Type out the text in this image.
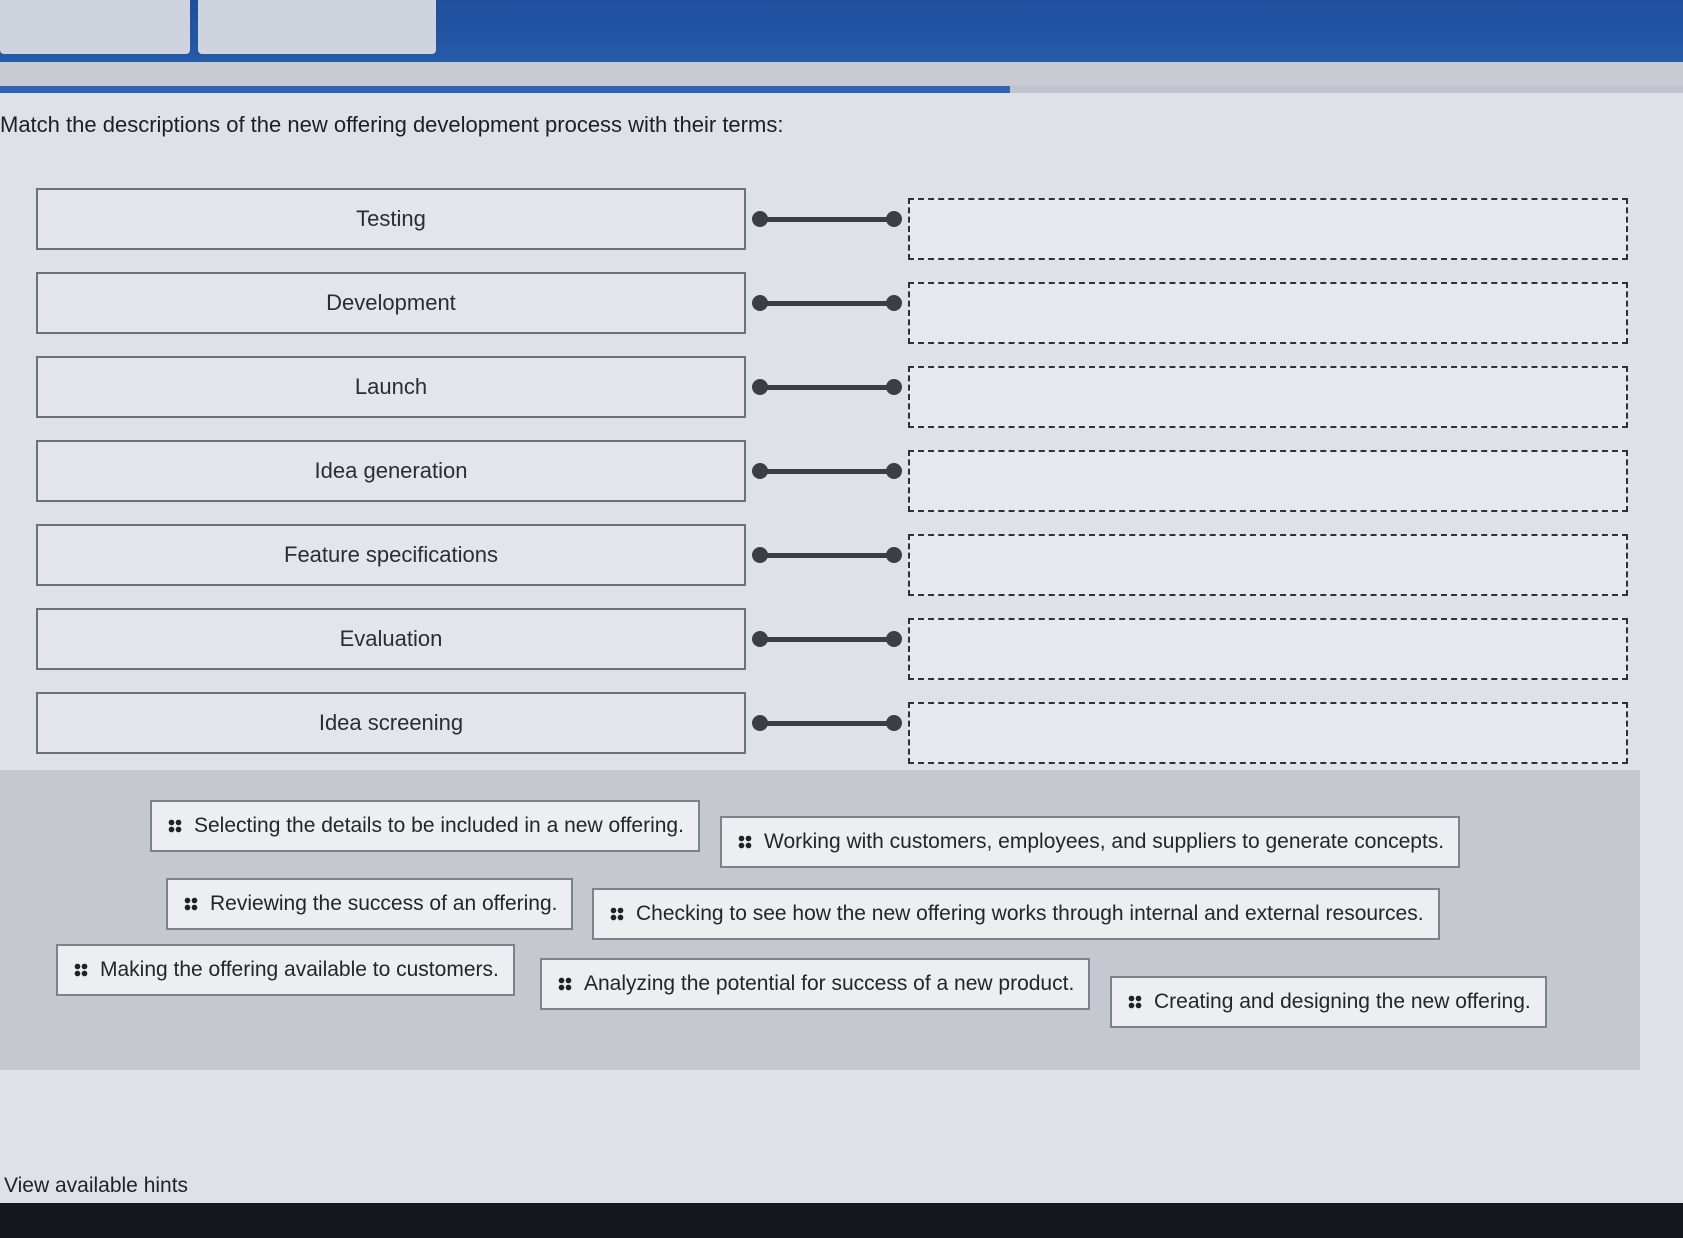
Match the descriptions of the new offering development process with their terms:
Testing
Development
Launch
Idea generation
Feature specifications
Evaluation
Idea screening
Selecting the details to be included in a new offering.
Working with customers, employees, and suppliers to generate concepts.
Reviewing the success of an offering.	Checking to see how the new offering works through internal and external resources.
Making the offering available to customers.
Analyzing the potential for success of a new product.
Creating and designing the new offering.
View available hints
